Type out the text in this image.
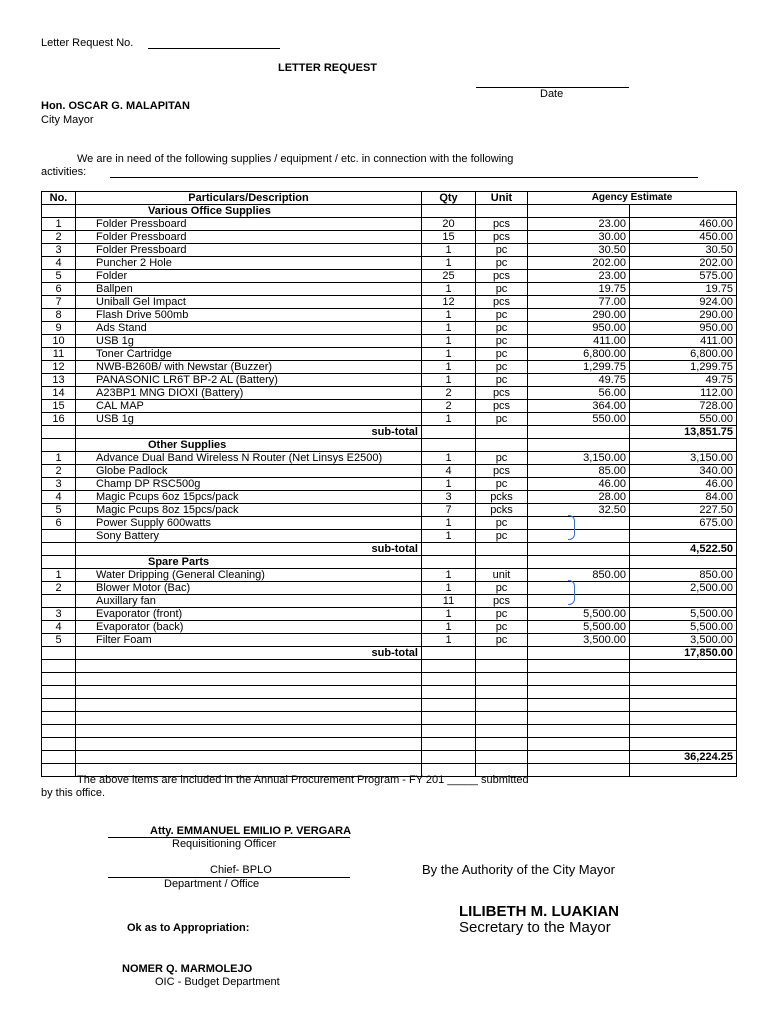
Letter Request No.
LETTER REQUEST
Date
Hon. OSCAR G. MALAPITAN
City Mayor
We are in need of the following supplies / equipment / etc. in connection with the following
activities:
No.	Particulars/Description	Qty	Unit	Agency Estimate	
	Various Office Supplies				
1	Folder Pressboard	20	pcs	23.00	460.00
2	Folder Pressboard	15	pcs	30.00	450.00
3	Folder Pressboard	1	pc	30.50	30.50
4	Puncher 2 Hole	1	pc	202.00	202.00
5	Folder	25	pcs	23.00	575.00
6	Ballpen	1	pc	19.75	19.75
7	Uniball Gel Impact	12	pcs	77.00	924.00
8	Flash Drive 500mb	1	pc	290.00	290.00
9	Ads Stand	1	pc	950.00	950.00
10	USB 1g	1	pc	411.00	411.00
11	Toner Cartridge	1	pc	6,800.00	6,800.00
12	NWB-B260B/ with Newstar (Buzzer)	1	pc	1,299.75	1,299.75
13	PANASONIC LR6T BP-2 AL (Battery)	1	pc	49.75	49.75
14	A23BP1 MNG DIOXI (Battery)	2	pcs	56.00	112.00
15	CAL MAP	2	pcs	364.00	728.00
16	USB 1g	1	pc	550.00	550.00
	sub-total				13,851.75
	Other Supplies				
1	Advance Dual Band Wireless N Router (Net Linsys E2500)	1	pc	3,150.00	3,150.00
2	Globe Padlock	4	pcs	85.00	340.00
3	Champ DP RSC500g	1	pc	46.00	46.00
4	Magic Pcups 6oz 15pcs/pack	3	pcks	28.00	84.00
5	Magic Pcups 8oz 15pcs/pack	7	pcks	32.50	227.50
6	Power Supply 600watts	1	pc		675.00
	Sony Battery	1	pc		
	sub-total				4,522.50
	Spare Parts				
1	Water Dripping (General Cleaning)	1	unit	850.00	850.00
2	Blower Motor (Bac)	1	pc		2,500.00
	Auxillary fan	11	pcs		
3	Evaporator (front)	1	pc	5,500.00	5,500.00
4	Evaporator (back)	1	pc	5,500.00	5,500.00
5	Filter Foam	1	pc	3,500.00	3,500.00
	sub-total				17,850.00

					36,224.25

The above items are included in the Annual Procurement Program - FY 201 _____ submitted
by this office.
Atty. EMMANUEL EMILIO P. VERGARA
Requisitioning Officer
Chief- BPLO
Department / Office
By the Authority of the City Mayor
LILIBETH M. LUAKIAN
Secretary to the Mayor
Ok as to Appropriation:
NOMER Q. MARMOLEJO
OIC - Budget Department
